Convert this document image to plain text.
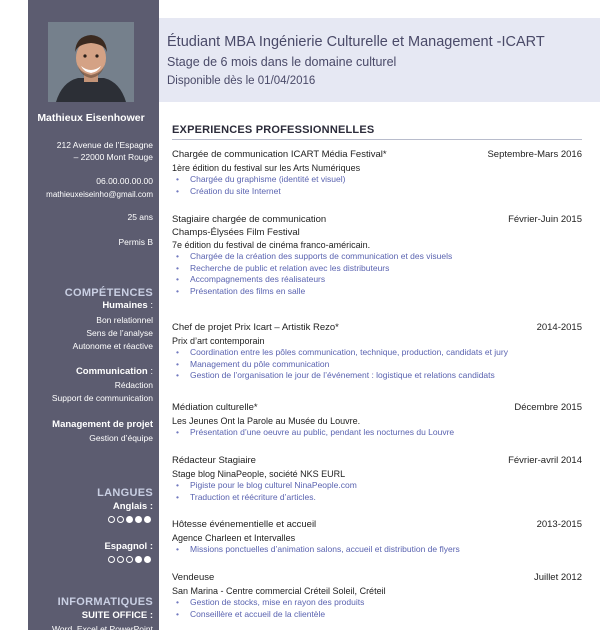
Mathieux Eisenhower
212 Avenue de l’Espagne
– 22000 Mont Rouge
06.00.00.00.00
mathieuxeiseinho@gmail.com
25 ans
Permis B
COMPÉTENCES
Humaines :
Bon relationnel
Sens de l’analyse
Autonome et réactive
Communication :
Rédaction
Support de communication
Management de projet
Gestion d’équipe
LANGUES
Anglais :
Espagnol :
INFORMATIQUES
SUITE OFFICE :
Word, Excel et PowerPoint
Étudiant MBA Ingénierie Culturelle et Management -ICART
Stage de 6 mois dans le domaine culturel
Disponible dès le 01/04/2016
EXPERIENCES PROFESSIONNELLES
Chargée de communication ICART Média Festival*	Septembre-Mars 2016
1ère édition du festival sur les Arts Numériques
• Chargée du graphisme (identité et visuel)
• Création du site Internet
Stagiaire chargée de communication	Février-Juin 2015
Champs-Élysées Film Festival
7e édition du festival de cinéma franco-américain.
• Chargée de la création des supports de communication et des visuels
• Recherche de public et relation avec les distributeurs
• Accompagnements des réalisateurs
• Présentation des films en salle
Chef de projet Prix Icart – Artistik Rezo*	2014-2015
Prix d’art contemporain
• Coordination entre les pôles communication, technique, production, candidats et jury
• Management du pôle communication
• Gestion de l’organisation le jour de l’événement : logistique et relations candidats
Médiation culturelle*	Décembre 2015
Les Jeunes Ont la Parole au Musée du Louvre.
• Présentation d’une oeuvre au public, pendant les nocturnes du Louvre
Rédacteur Stagiaire	Février-avril 2014
Stage blog NinaPeople, société NKS EURL
• Pigiste pour le blog culturel NinaPeople.com
• Traduction et réécriture d’articles.
Hôtesse événementielle et accueil	2013-2015
Agence Charleen et Intervalles
• Missions ponctuelles d’animation salons, accueil et distribution de flyers
Vendeuse	Juillet 2012
San Marina - Centre commercial Créteil Soleil, Créteil
• Gestion de stocks, mise en rayon des produits
• Conseillère et accueil de la clientèle
